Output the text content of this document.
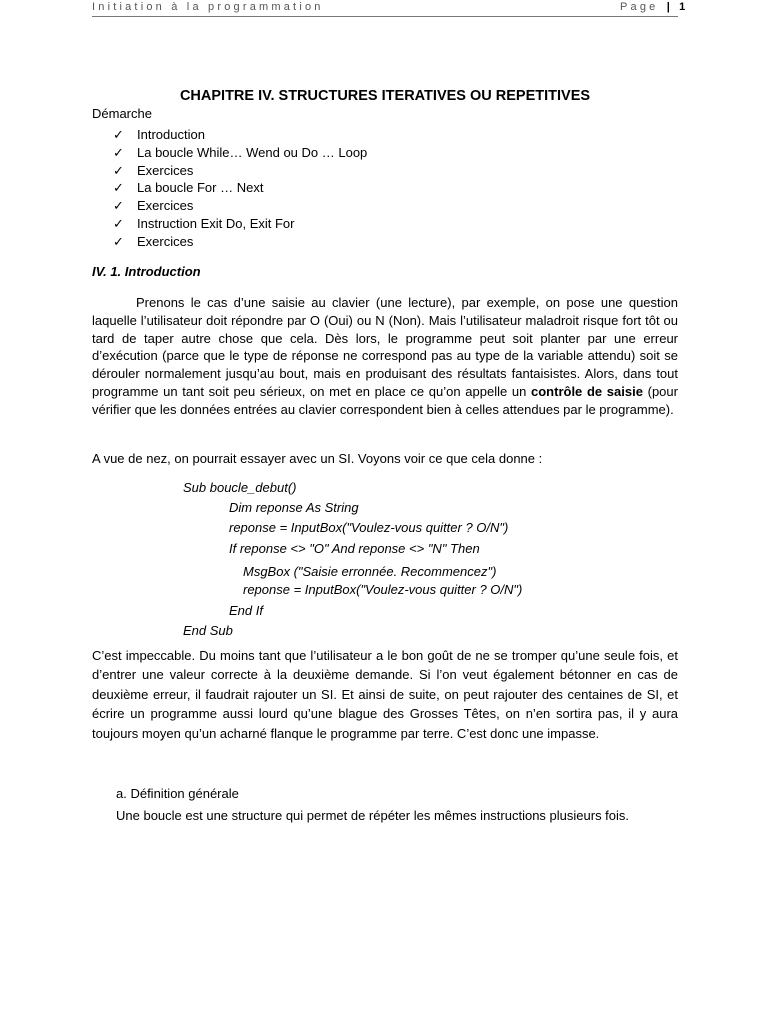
Initiation à la programmation	Page | 1
CHAPITRE IV. STRUCTURES ITERATIVES OU REPETITIVES
Démarche
✓ Introduction
✓ La boucle While… Wend ou Do … Loop
✓ Exercices
✓ La boucle For … Next
✓ Exercices
✓ Instruction Exit Do, Exit For
✓ Exercices
IV. 1. Introduction
Prenons le cas d’une saisie au clavier (une lecture), par exemple, on pose une question laquelle l’utilisateur doit répondre par O (Oui) ou N (Non). Mais l’utilisateur maladroit risque fort tôt ou tard de taper autre chose que cela. Dès lors, le programme peut soit planter par une erreur d’exécution (parce que le type de réponse ne correspond pas au type de la variable attendu) soit se dérouler normalement jusqu’au bout, mais en produisant des résultats fantaisistes. Alors, dans tout programme un tant soit peu sérieux, on met en place ce qu’on appelle un contrôle de saisie (pour vérifier que les données entrées au clavier correspondent bien à celles attendues par le programme).
A vue de nez, on pourrait essayer avec un SI. Voyons voir ce que cela donne :
Sub boucle_debut()
Dim reponse As String
reponse = InputBox("Voulez-vous quitter ? O/N")
If reponse <> "O" And reponse <> "N" Then
MsgBox ("Saisie erronnée. Recommencez")
reponse = InputBox("Voulez-vous quitter ? O/N")
End If
End Sub
C’est impeccable. Du moins tant que l’utilisateur a le bon goût de ne se tromper qu’une seule fois, et d’entrer une valeur correcte à la deuxième demande. Si l’on veut également bétonner en cas de deuxième erreur, il faudrait rajouter un SI. Et ainsi de suite, on peut rajouter des centaines de SI, et écrire un programme aussi lourd qu’une blague des Grosses Têtes, on n’en sortira pas, il y aura toujours moyen qu’un acharné flanque le programme par terre. C’est donc une impasse.
a. Définition générale
Une boucle est une structure qui permet de répéter les mêmes instructions plusieurs fois.
